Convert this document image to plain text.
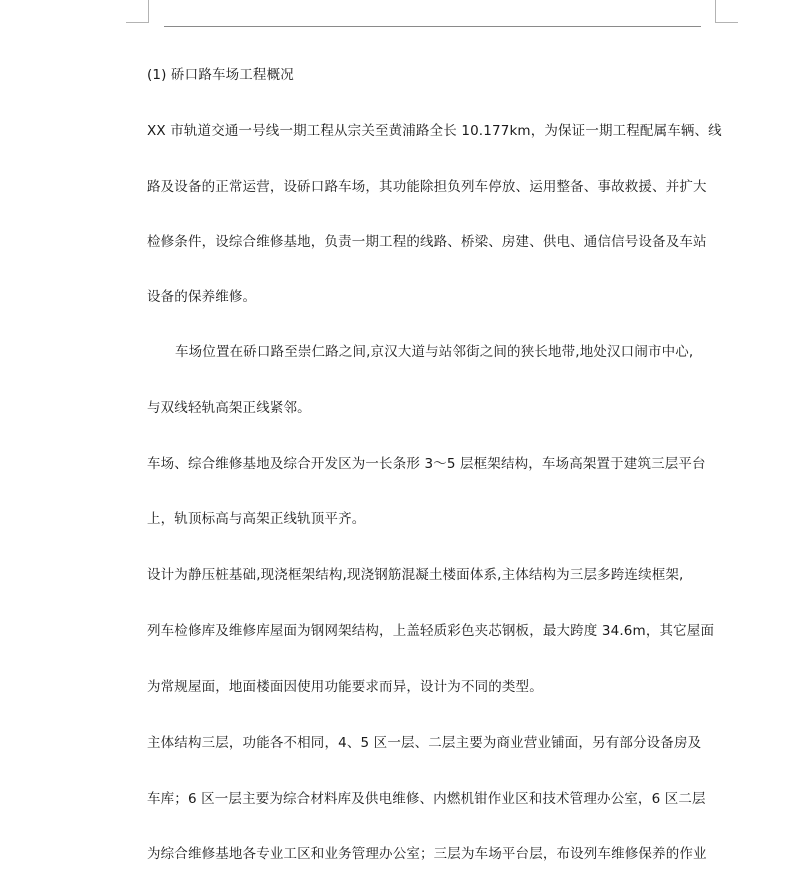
(1) 硚口路车场工程概况
XX 市轨道交通一号线一期工程从宗关至黄浦路全长 10.177km，为保证一期工程配属车辆、线
路及设备的正常运营，设硚口路车场，其功能除担负列车停放、运用整备、事故救援、并扩大
检修条件，设综合维修基地，负责一期工程的线路、桥梁、房建、供电、通信信号设备及车站
设备的保养维修。
车场位置在硚口路至崇仁路之间,京汉大道与站邻街之间的狭长地带,地处汉口闹市中心,
与双线轻轨高架正线紧邻。
车场、综合维修基地及综合开发区为一长条形 3～5 层框架结构，车场高架置于建筑三层平台
上，轨顶标高与高架正线轨顶平齐。
设计为静压桩基础,现浇框架结构,现浇钢筋混凝土楼面体系,主体结构为三层多跨连续框架,
列车检修库及维修库屋面为钢网架结构，上盖轻质彩色夹芯钢板，最大跨度 34.6m，其它屋面
为常规屋面，地面楼面因使用功能要求而异，设计为不同的类型。
主体结构三层，功能各不相同，4、5 区一层、二层主要为商业营业铺面，另有部分设备房及
车库；6 区一层主要为综合材料库及供电维修、内燃机钳作业区和技术管理办公室，6 区二层
为综合维修基地各专业工区和业务管理办公室；三层为车场平台层，布设列车维修保养的作业
